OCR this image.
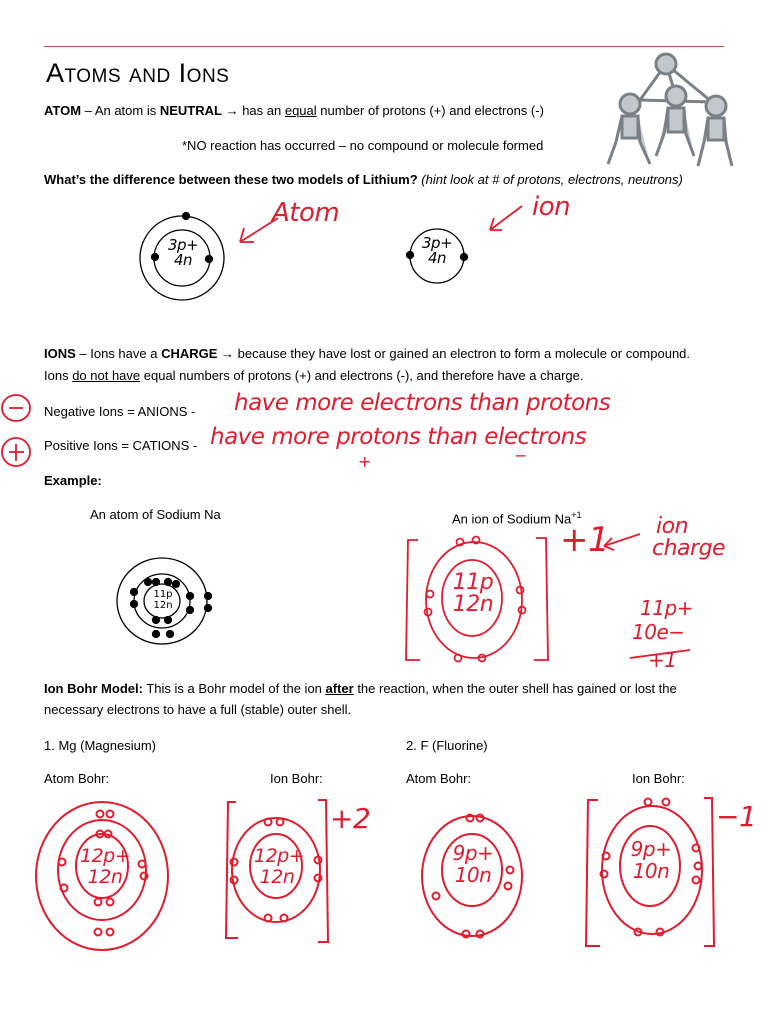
Atoms and Ions
ATOM – An atom is NEUTRAL → has an equal number of protons (+) and electrons (-)
*NO reaction has occurred – no compound or molecule formed
What’s the difference between these two models of Lithium? (hint look at # of protons, electrons, neutrons)
3p+
4n
3p+
4n
Atom	ion
IONS – Ions have a CHARGE → because they have lost or gained an electron to form a molecule or compound.
Ions do not have equal numbers of protons (+) and electrons (-), and therefore have a charge.
Negative Ions = ANIONS - have more electrons than protons
Positive Ions = CATIONS - have more protons than electrons
+	−
Example:
An atom of Sodium Na	An ion of Sodium $Na^{+1}$
11p
12n
11p
12n
+1 ion
charge
11p+
10e−
+1
Ion Bohr Model: This is a Bohr model of the ion after the reaction, when the outer shell has gained or lost the
necessary electrons to have a full (stable) outer shell.
1. Mg (Magnesium)	2. F (Fluorine)
Atom Bohr:	Ion Bohr:	Atom Bohr:	Ion Bohr:
12p+
12n
12p+
12n
+2
9p+
10n
9p+
10n
−1
